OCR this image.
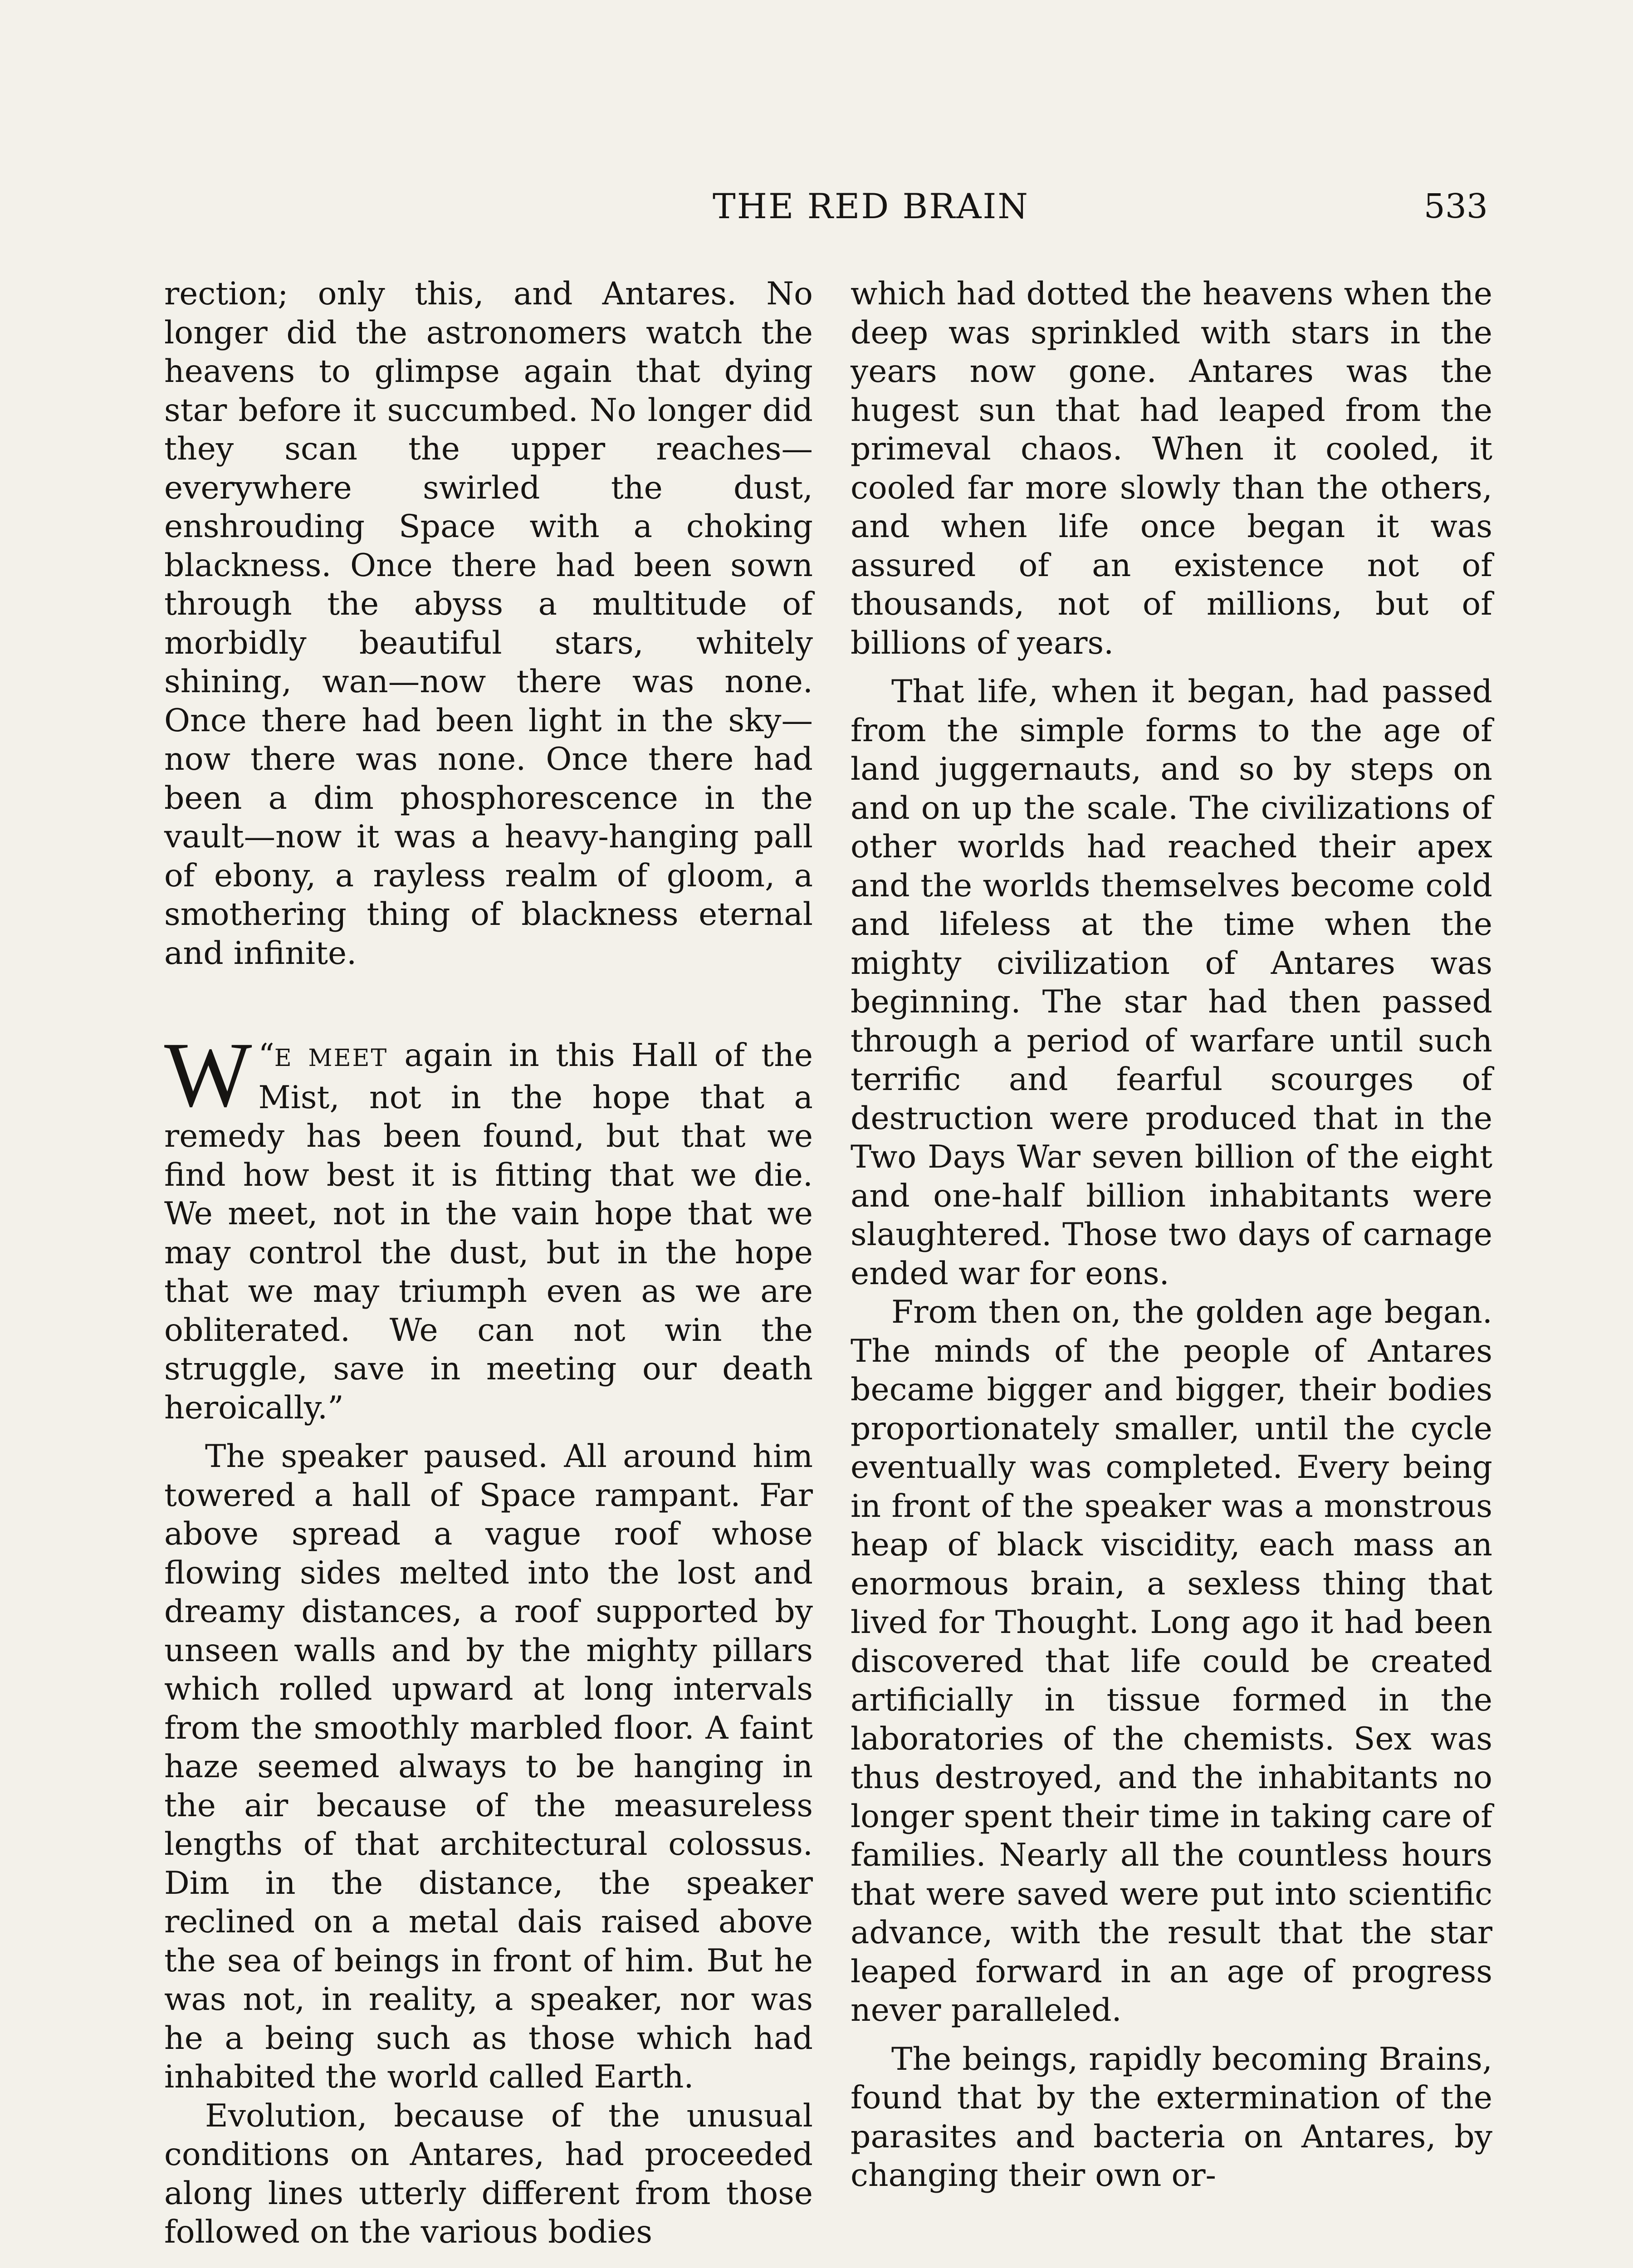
THE RED BRAIN	533

rection; only this, and Antares. No longer did the astronomers watch the heavens to glimpse again that dying star before it succumbed. No longer did they scan the upper reaches—everywhere swirled the dust, enshrouding Space with a choking blackness. Once there had been sown through the abyss a multitude of morbidly beautiful stars, whitely shining, wan—now there was none. Once there had been light in the sky—now there was none. Once there had been a dim phosphorescence in the vault—now it was a heavy-hanging pall of ebony, a rayless realm of gloom, a smothering thing of blackness eternal and infinite.

“
W E MEET again in this Hall of the Mist, not in the hope that a remedy has been found, but that we find how best it is fitting that we die. We meet, not in the vain hope that we may control the dust, but in the hope that we may triumph even as we are obliterated. We can not win the struggle, save in meeting our death heroically.”

The speaker paused. All around him towered a hall of Space rampant. Far above spread a vague roof whose flowing sides melted into the lost and dreamy distances, a roof supported by unseen walls and by the mighty pillars which rolled upward at long intervals from the smoothly marbled floor. A faint haze seemed always to be hanging in the air because of the measureless lengths of that architectural colossus. Dim in the distance, the speaker reclined on a metal dais raised above the sea of beings in front of him. But he was not, in reality, a speaker, nor was he a being such as those which had inhabited the world called Earth.

Evolution, because of the unusual conditions on Antares, had proceeded along lines utterly different from those followed on the various bodies

which had dotted the heavens when the deep was sprinkled with stars in the years now gone. Antares was the hugest sun that had leaped from the primeval chaos. When it cooled, it cooled far more slowly than the others, and when life once began it was assured of an existence not of thousands, not of millions, but of billions of years.

That life, when it began, had passed from the simple forms to the age of land juggernauts, and so by steps on and on up the scale. The civilizations of other worlds had reached their apex and the worlds themselves become cold and lifeless at the time when the mighty civilization of Antares was beginning. The star had then passed through a period of warfare until such terrific and fearful scourges of destruction were produced that in the Two Days War seven billion of the eight and one-half billion inhabitants were slaughtered. Those two days of carnage ended war for eons.

From then on, the golden age began. The minds of the people of Antares became bigger and bigger, their bodies proportionately smaller, until the cycle eventually was completed. Every being in front of the speaker was a monstrous heap of black viscidity, each mass an enormous brain, a sexless thing that lived for Thought. Long ago it had been discovered that life could be created artificially in tissue formed in the laboratories of the chemists. Sex was thus destroyed, and the inhabitants no longer spent their time in taking care of families. Nearly all the countless hours that were saved were put into scientific advance, with the result that the star leaped forward in an age of progress never paralleled.

The beings, rapidly becoming Brains, found that by the extermination of the parasites and bacteria on Antares, by changing their own or-
